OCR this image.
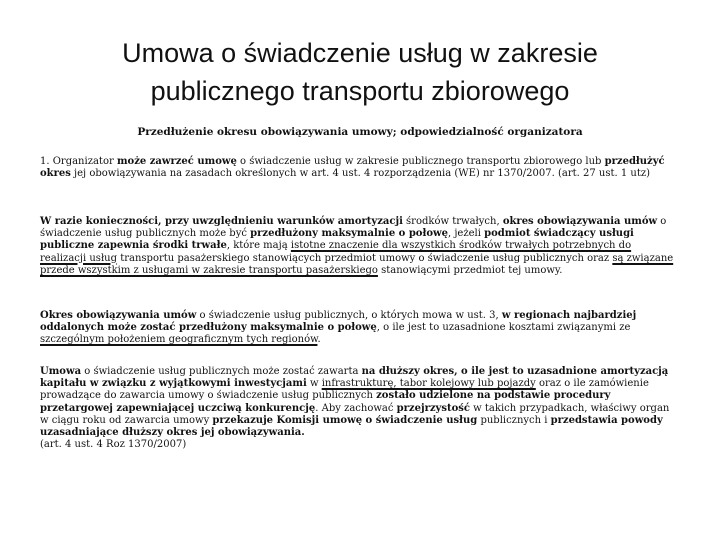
Umowa o świadczenie usług w zakresie
publicznego transportu zbiorowego

Przedłużenie okresu obowiązywania umowy; odpowiedzialność organizatora

1. Organizator może zawrzeć umowę o świadczenie usług w zakresie publicznego transportu zbiorowego lub przedłużyć okres jej obowiązywania na zasadach określonych w art. 4 ust. 4 rozporządzenia (WE) nr 1370/2007. (art. 27 ust. 1 utz)

W razie konieczności, przy uwzględnieniu warunków amortyzacji środków trwałych, okres obowiązywania umów o świadczenie usług publicznych może być przedłużony maksymalnie o połowę, jeżeli podmiot świadczący usługi publiczne zapewnia środki trwałe, które mają istotne znaczenie dla wszystkich środków trwałych potrzebnych do realizacji usług transportu pasażerskiego stanowiących przedmiot umowy o świadczenie usług publicznych oraz są związane przede wszystkim z usługami w zakresie transportu pasażerskiego stanowiącymi przedmiot tej umowy.

Okres obowiązywania umów o świadczenie usług publicznych, o których mowa w ust. 3, w regionach najbardziej oddalonych może zostać przedłużony maksymalnie o połowę, o ile jest to uzasadnione kosztami związanymi ze szczególnym położeniem geograficznym tych regionów.

Umowa o świadczenie usług publicznych może zostać zawarta na dłuższy okres, o ile jest to uzasadnione amortyzacją kapitału w związku z wyjątkowymi inwestycjami w infrastrukturę, tabor kolejowy lub pojazdy oraz o ile zamówienie prowadzące do zawarcia umowy o świadczenie usług publicznych zostało udzielone na podstawie procedury przetargowej zapewniającej uczciwą konkurencję. Aby zachować przejrzystość w takich przypadkach, właściwy organ w ciągu roku od zawarcia umowy przekazuje Komisji umowę o świadczenie usług publicznych i przedstawia powody uzasadniające dłuższy okres jej obowiązywania.
(art. 4 ust. 4 Roz 1370/2007)
